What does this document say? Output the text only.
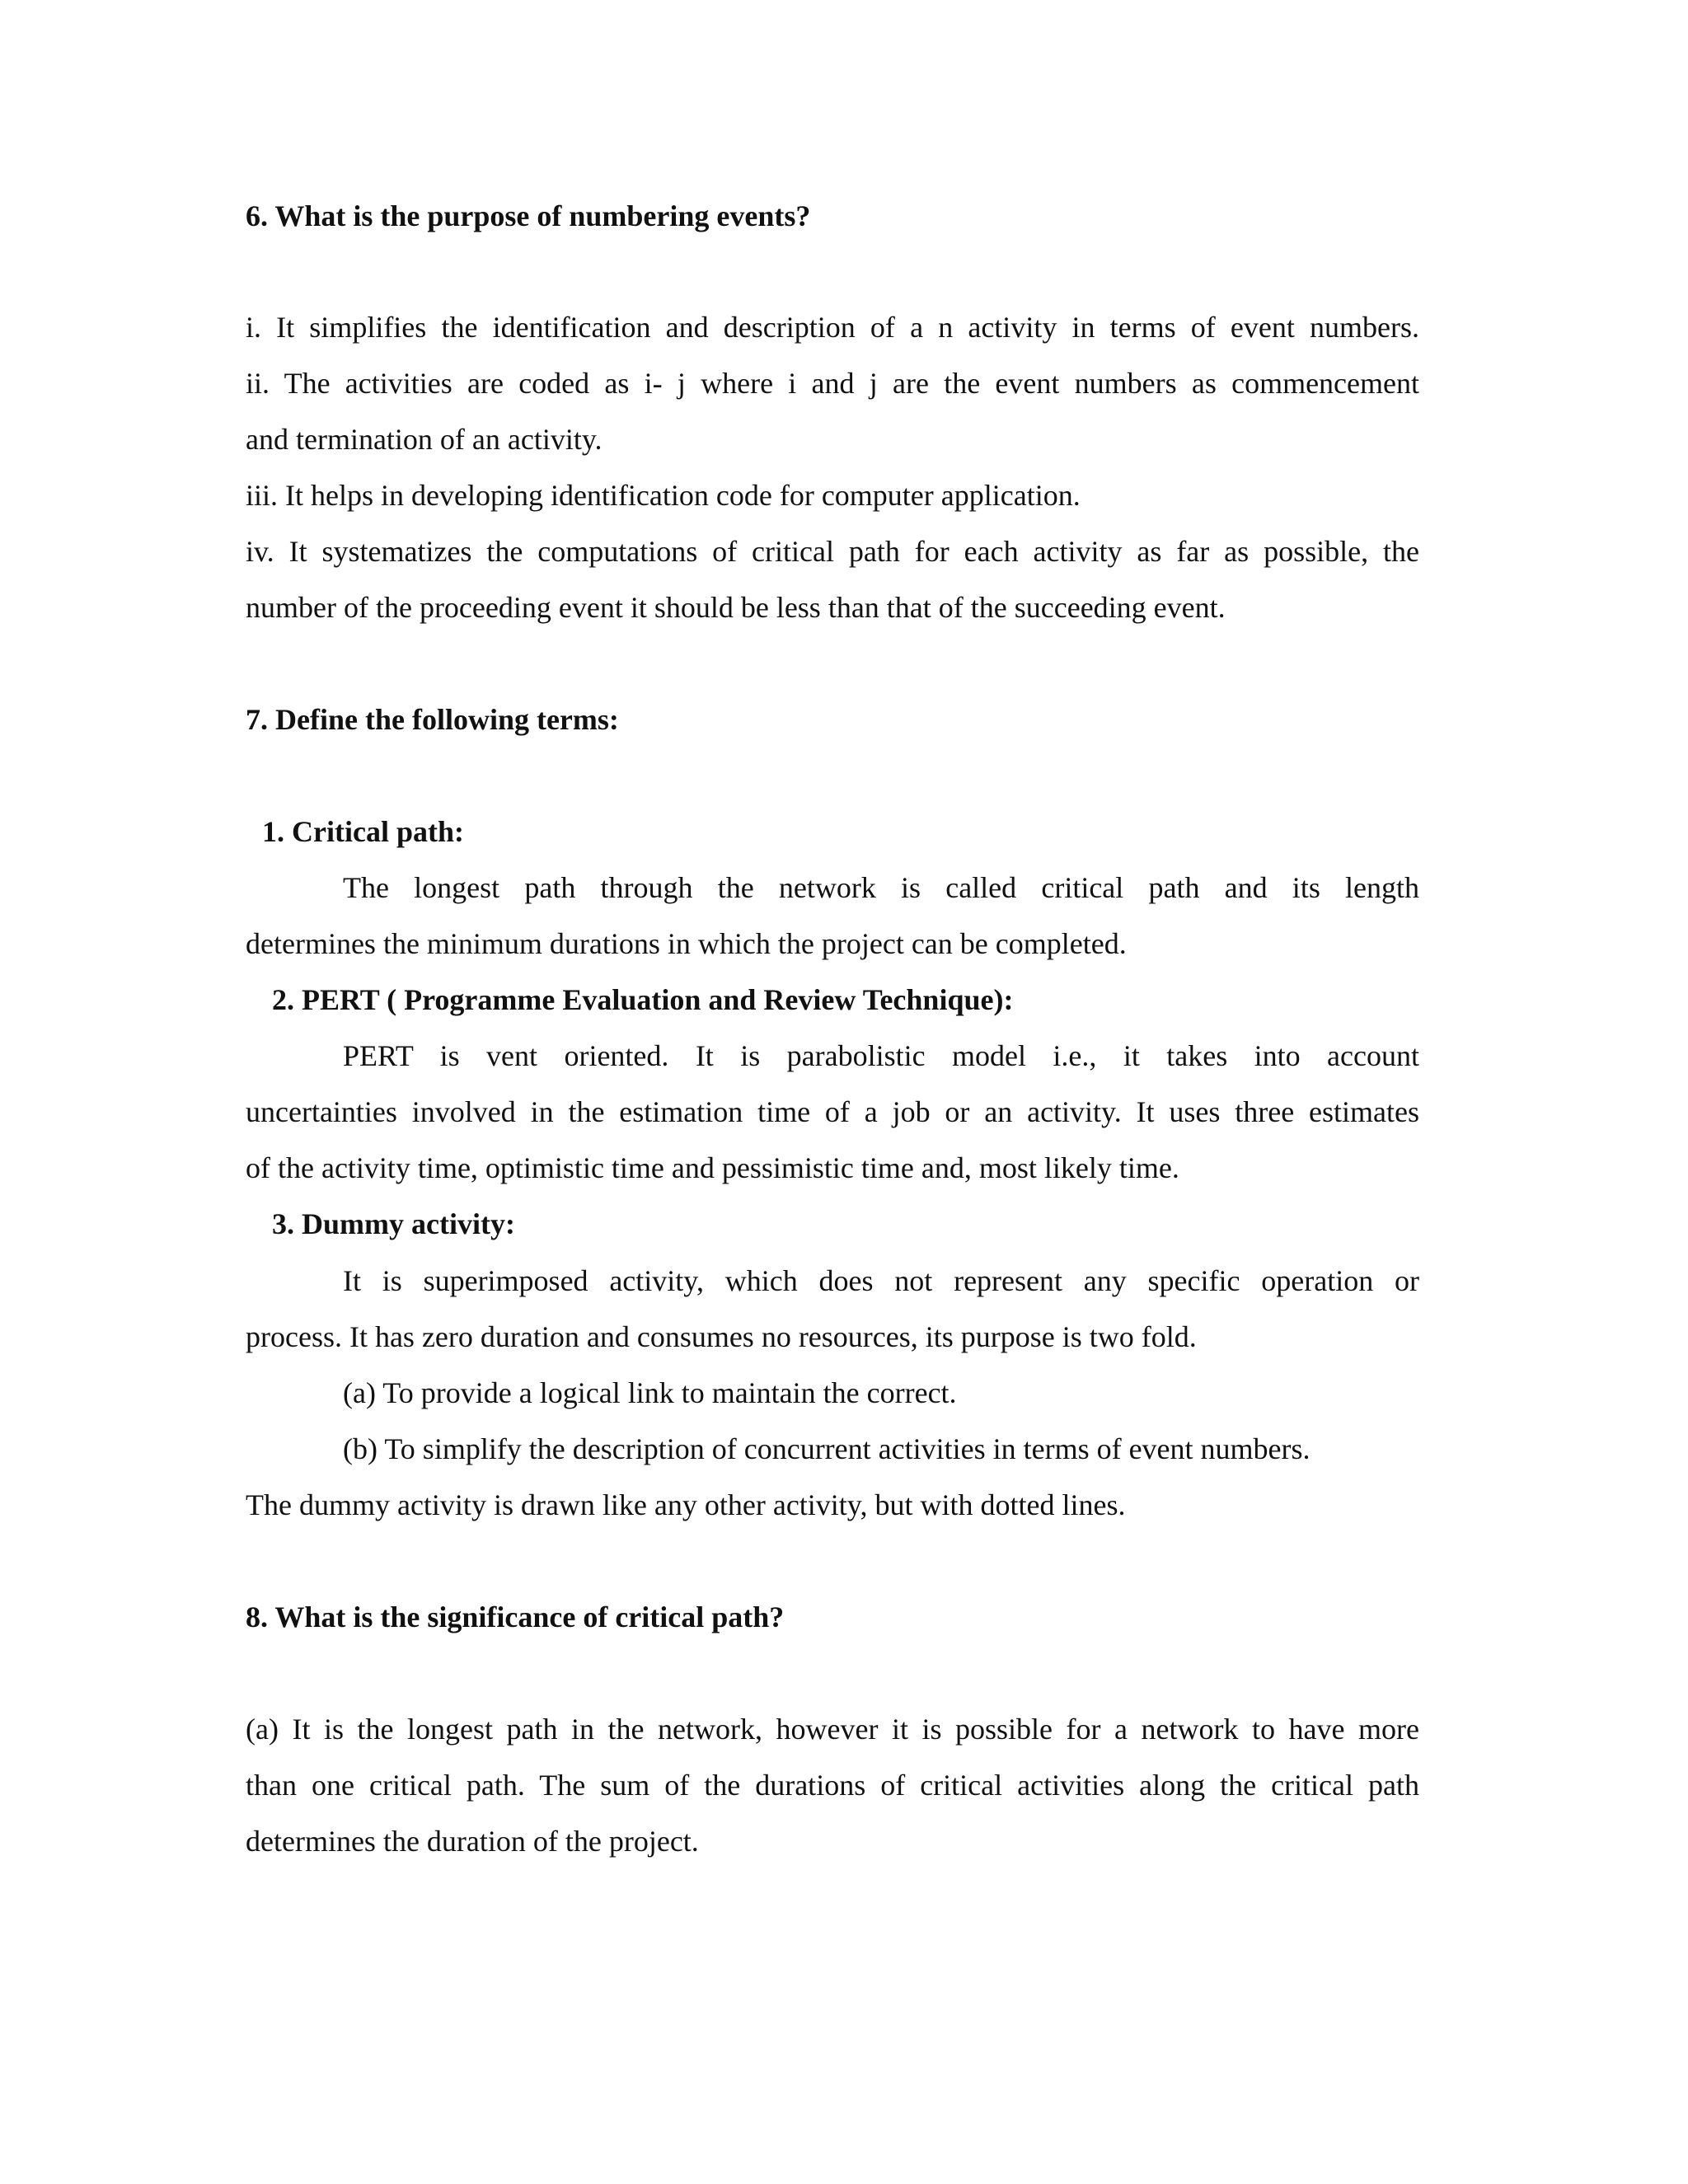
6. What is the purpose of numbering events?
i. It simplifies the identification and description of a n activity in terms of event numbers.
ii. The activities are coded as i- j where i and j are the event numbers as commencement
and termination of an activity.
iii. It helps in developing identification code for computer application.
iv. It systematizes the computations of critical path for each activity as far as possible, the
number of the proceeding event it should be less than that of the succeeding event.
7. Define the following terms:
1. Critical path:
The longest path through the network is called critical path and its length
determines the minimum durations in which the project can be completed.
2. PERT ( Programme Evaluation and Review Technique):
PERT is vent oriented. It is parabolistic model i.e., it takes into account
uncertainties involved in the estimation time of a job or an activity. It uses three estimates
of the activity time, optimistic time and pessimistic time and, most likely time.
3. Dummy activity:
It is superimposed activity, which does not represent any specific operation or
process. It has zero duration and consumes no resources, its purpose is two fold.
(a) To provide a logical link to maintain the correct.
(b) To simplify the description of concurrent activities in terms of event numbers.
The dummy activity is drawn like any other activity, but with dotted lines.
8. What is the significance of critical path?
(a) It is the longest path in the network, however it is possible for a network to have more
than one critical path. The sum of the durations of critical activities along the critical path
determines the duration of the project.
